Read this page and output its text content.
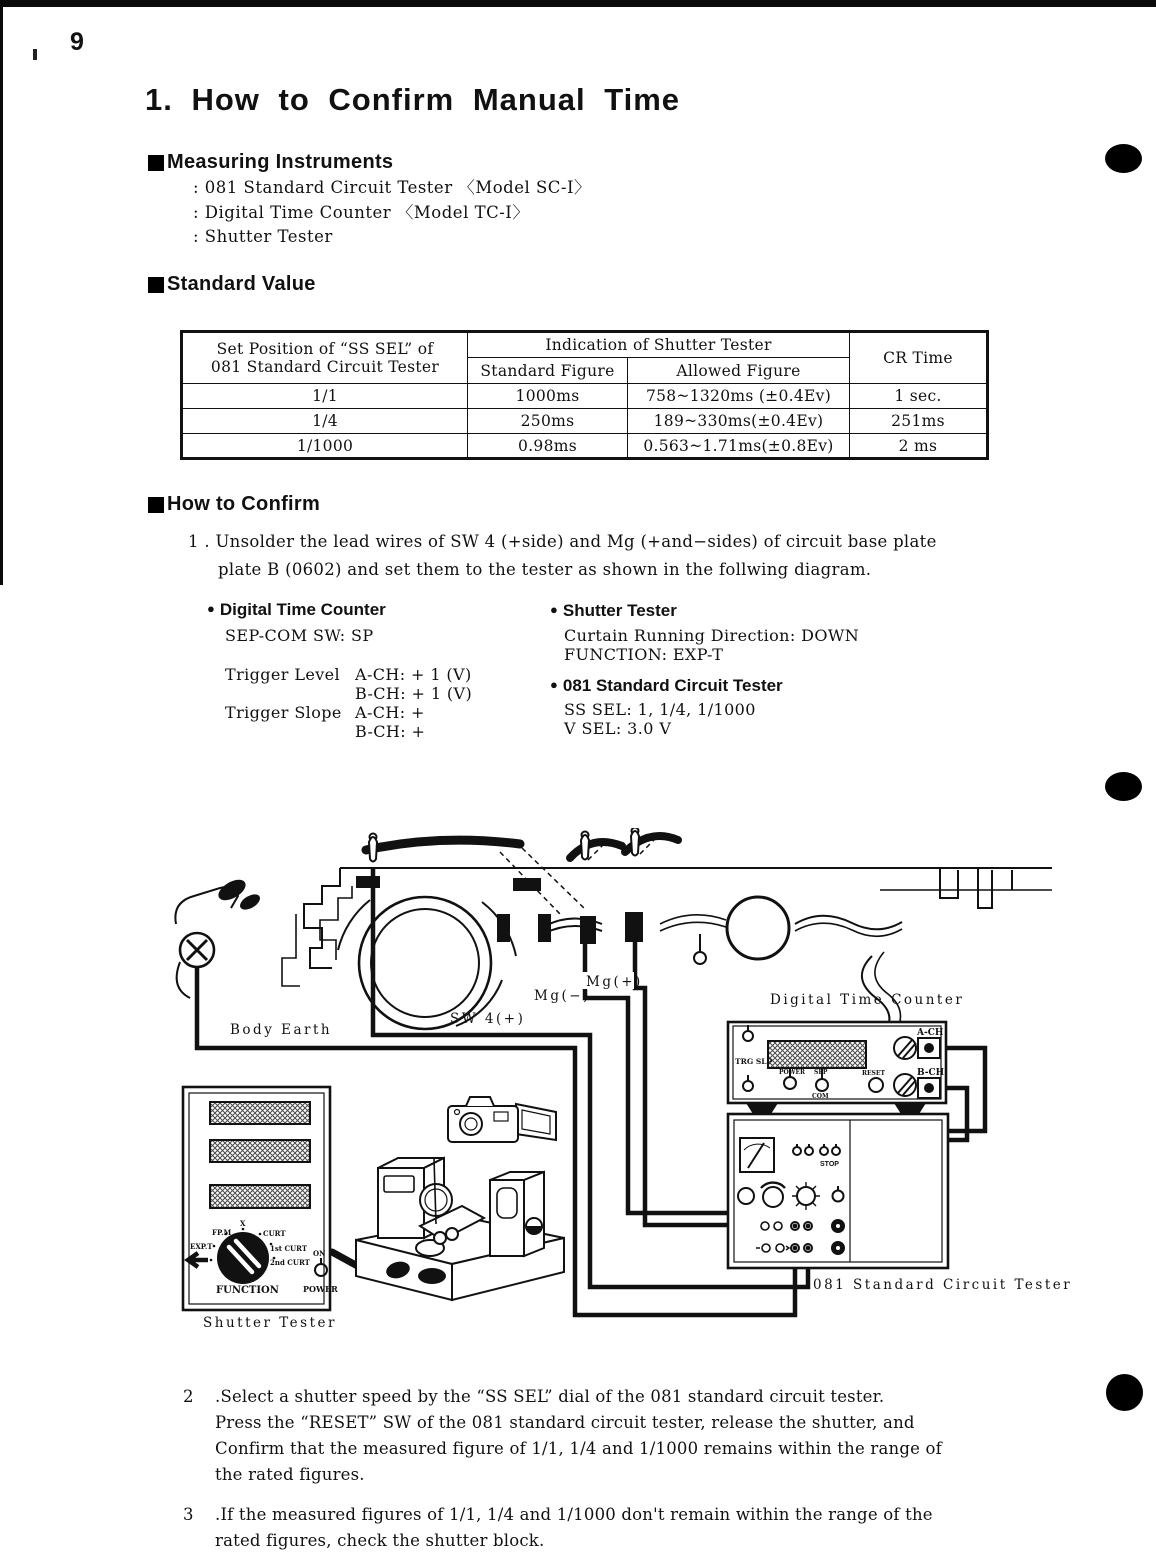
9
1. How to Confirm Manual Time
Measuring Instruments
: 081 Standard Circuit Tester 〈Model SC-I〉
: Digital Time Counter 〈Model TC-I〉
: Shutter Tester
Standard Value
Set Position of “SS SEL” of
081 Standard Circuit Tester	Indication of Shutter Tester		CR Time
	Standard Figure	Allowed Figure	
1/1	1000ms	758~1320ms (±0.4Ev)	1 sec.
1/4	250ms	189~330ms(±0.4Ev)	251ms
1/1000	0.98ms	0.563~1.71ms(±0.8Ev)	2 ms
How to Confirm
1 . Unsolder the lead wires of SW 4 (+side) and Mg (+and−sides) of circuit base plate
plate B (0602) and set them to the tester as shown in the follwing diagram.
● Digital Time Counter
SEP-COM SW: SP
Trigger Level A-CH: + 1 (V)
B-CH: + 1 (V)
Trigger Slope A-CH: +
B-CH: +
● Shutter Tester
Curtain Running Direction: DOWN
FUNCTION: EXP-T
● 081 Standard Circuit Tester
SS SEL: 1, 1/4, 1/1000
V SEL: 3.0 V
TRG SLP
POWER SEP
COM
RESET
A-CH
B-CH
STOP
EXP.T
FP.M
X
CURT
1st CURT
2nd CURT
ON
POWER
FUNCTION
Mg(−)
Mg(+)
SW 4(+)
Body Earth
Digital Time Counter
081 Standard Circuit Tester
Shutter Tester
2	.Select a shutter speed by the “SS SEL” dial of the 081 standard circuit tester.
Press the “RESET” SW of the 081 standard circuit tester, release the shutter, and
Confirm that the measured figure of 1/1, 1/4 and 1/1000 remains within the range of
the rated figures.
3	.If the measured figures of 1/1, 1/4 and 1/1000 don't remain within the range of the
rated figures, check the shutter block.
